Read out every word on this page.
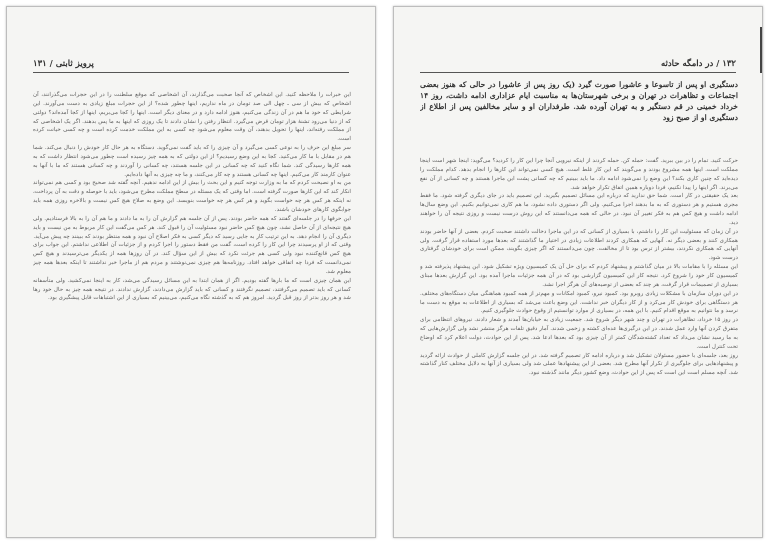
پرویز ثابتی / ۱۳۱

این خبرات را ملاحظه کنید. این اشخاص که آنجا صحبت می‌گذارند، آن اشخاصی که موقع سلطنت را در این حجرات می‌گذرانند، آن اشخاص که بیش از سی ـ چهل الی صد تومان در ماه نداریم، اینها چطور شده؟ از این حجرات مبلغ زیادی به دست می‌آورند. این شرایطی که خود ما هم در آن زندگی می‌کنیم، هنوز ادامه دارد و در معنای دیگر است. اینها را کجا می‌بریم، اینها از کجا آمده‌اند؟ دولتی که از دنیا می‌رود تشنهٔ هزار تومان قرض می‌گیرد. انتظار رفتن را نشان دادند تا یک روزی که اینها به ما پس بدهند. اگر یک اشخاصی که از مملکت رفته‌اند، اینها را تحویل بدهند، آن وقت معلوم می‌شود چه کسی به این مملکت خدمت کرده است و چه کسی خیانت کرده است.

سر مبلغ این حرف را به نوعی کسی می‌گیرد و آن چیزی را که باید گفت نمی‌گوید. دستگاه به هر حال کار خودش را دنبال می‌کند. شما هم در مقابل با ما کار می‌کنید. کجا به این وضع رسیدیم؟ از این دولتی که به همه چیز رسیده است چطور می‌شود انتظار داشت که به همه کارها رسیدگی کند. شما نگاه کنید که چه کسانی در این جلسه هستند، چه کسانی را آوردند و چه کسانی هستند که ما با آنها به عنوان کارمند کار می‌کنیم. اینها چه کسانی هستند و چه کار می‌کنند، و ما چه چیزی به آنها داده‌ایم.

من به او نصیحت کردم که ما به وزارت توجه کنیم و این بحث را بیش از این ادامه ندهیم. آنچه گفته شد صحیح بود و کسی هم نمی‌تواند انکار کند که این کارها صورت گرفته است. اما وقتی که یک مسئله در سطح مملکت مطرح می‌شود، باید با حوصله و دقت به آن پرداخت، نه اینکه هر کس هر چه خواست بگوید و هر کس هر چه خواست بنویسد. این وضع به صلاح هیچ کس نیست و بالاخره روزی همه باید جوابگوی کارهای خودشان باشند.

این حرفها را در جلسه‌ای گفتند که همه حاضر بودند. پس از آن جلسه هم گزارش آن را به ما دادند و ما هم آن را به بالا فرستادیم. ولی هیچ نتیجه‌ای از آن حاصل نشد، چون هیچ کس حاضر نبود مسئولیت آن را قبول کند. هر کس می‌گفت این کار مربوط به من نیست و باید دیگری آن را انجام دهد. به این ترتیب کار به جایی رسید که دیگر کسی به فکر اصلاح آن نبود و همه منتظر بودند که ببینند چه پیش می‌آید.

وقتی که از او پرسیدند چرا این کار را کرده است، گفت من فقط دستور را اجرا کردم و از جزئیات آن اطلاعی نداشتم. این جواب برای هیچ کس قانع‌کننده نبود ولی کسی هم جرئت نکرد که بیش از این سؤال کند. در آن روزها همه از یکدیگر می‌ترسیدند و هیچ کس نمی‌دانست که فردا چه اتفاقی خواهد افتاد. روزنامه‌ها هم چیزی نمی‌نوشتند و مردم هم از ماجرا خبر نداشتند تا اینکه بعدها همه چیز معلوم شد.

این همان چیزی است که ما بارها گفته بودیم. اگر از همان ابتدا به این مسائل رسیدگی می‌شد، کار به اینجا نمی‌کشید. ولی متأسفانه کسانی که باید تصمیم می‌گرفتند، تصمیم نگرفتند و کسانی که باید گزارش می‌دادند، گزارش ندادند. در نتیجه همه چیز به حال خود رها شد و هر روز بدتر از روز قبل گردید. امروز هم که به گذشته نگاه می‌کنیم، می‌بینیم که بسیاری از این اشتباهات قابل پیشگیری بود.

۱۳۲ / در دامگه حادثه
دستگیری او پس از تاسوعا و عاشورا صورت گیرد (یک روز پس از عاشورا در حالی که هنوز بعضی اجتماعات و تظاهرات در تهران و برخی شهرستان‌ها به مناسبت ایام عزاداری ادامه داشت، روز ۱۴ خرداد خمینی در قم دستگیر و به تهران آورده شد. طرفداران او و سایر مخالفین پس از اطلاع از دستگیری او از صبح زود

حرکت کنید. تمام را در بین ببرید. گفت: حمله کن. حمله کردند از اینکه نیرویی آنجا چرا این کار را کردید؟ می‌گوید: اینجا شهر است اینجا مملکت است. اینها همه مشروع بودند و می‌گویند که این کار غلط است. هیچ کسی نمی‌تواند این کارها را انجام بدهد. کدام مملکت را دیده‌اید که چنین کاری بکند؟ این وضع را نمی‌شود ادامه داد. ما باید ببینیم که چه کسانی پشت این ماجرا هستند و چه کسانی از آن نفع می‌برند. اگر اینها را پیدا نکنیم، فردا دوباره همین اتفاق تکرار خواهد شد.

بعد یک حقیقتی در کار است. شما حق ندارید که درباره این مسائل تصمیم بگیرید. این تصمیم باید در جای دیگری گرفته شود. ما فقط مجری هستیم و هر دستوری که به ما بدهند اجرا می‌کنیم. ولی اگر دستوری داده نشود، ما هم کاری نمی‌توانیم بکنیم. این وضع سال‌ها ادامه داشت و هیچ کس هم به فکر تغییر آن نبود. در حالی که همه می‌دانستند که این روش درست نیست و روزی نتیجه آن را خواهند دید.

در آن زمان که مسئولیت این کار را داشتم، با بسیاری از کسانی که در این ماجرا دخالت داشتند صحبت کردم. بعضی از آنها حاضر بودند همکاری کنند و بعضی دیگر نه. آنهایی که همکاری کردند اطلاعات زیادی در اختیار ما گذاشتند که بعدها مورد استفاده قرار گرفت. ولی آنهایی که همکاری نکردند، بیشتر از ترس بود تا از مخالفت. چون می‌دانستند که اگر چیزی بگویند، ممکن است برای خودشان گرفتاری درست شود.

این مسئله را با مقامات بالا در میان گذاشتم و پیشنهاد کردم که برای حل آن یک کمیسیون ویژه تشکیل شود. این پیشنهاد پذیرفته شد و کمیسیون کار خود را شروع کرد. نتیجه کار این کمیسیون گزارشی بود که در آن همه جزئیات ماجرا آمده بود. این گزارش بعدها مبنای بسیاری از تصمیمات قرار گرفت، هر چند که بعضی از توصیه‌های آن هرگز اجرا نشد.

در این دوران سازمان با مشکلات زیادی روبرو بود. کمبود نیرو، کمبود امکانات و مهم‌تر از همه کمبود هماهنگی میان دستگاه‌های مختلف. هر دستگاهی برای خودش کار می‌کرد و از کار دیگران خبر نداشت. این وضع باعث می‌شد که بسیاری از اطلاعات به موقع به دست ما نرسد و ما نتوانیم به موقع اقدام کنیم. با این همه، در بسیاری از موارد توانستیم از وقوع حوادث جلوگیری کنیم.

در روز ۱۵ خرداد، تظاهرات در تهران و چند شهر دیگر شروع شد. جمعیت زیادی به خیابان‌ها آمدند و شعار دادند. نیروهای انتظامی برای متفرق کردن آنها وارد عمل شدند. در این درگیری‌ها عده‌ای کشته و زخمی شدند. آمار دقیق تلفات هرگز منتشر نشد ولی گزارش‌هایی که به ما رسید نشان می‌داد که تعداد کشته‌شدگان کمتر از آن چیزی بود که بعدها ادعا شد. پس از این حوادث، دولت اعلام کرد که اوضاع تحت کنترل است.

روز بعد، جلسه‌ای با حضور مسئولان تشکیل شد و درباره ادامه کار تصمیم گرفته شد. در این جلسه گزارش کاملی از حوادث ارائه گردید و پیشنهادهایی برای جلوگیری از تکرار آنها مطرح شد. بعضی از این پیشنهادها عملی شد ولی بسیاری از آنها به دلایل مختلف کنار گذاشته شد. آنچه مسلم است این است که پس از این حوادث، وضع کشور دیگر مانند گذشته نبود.
